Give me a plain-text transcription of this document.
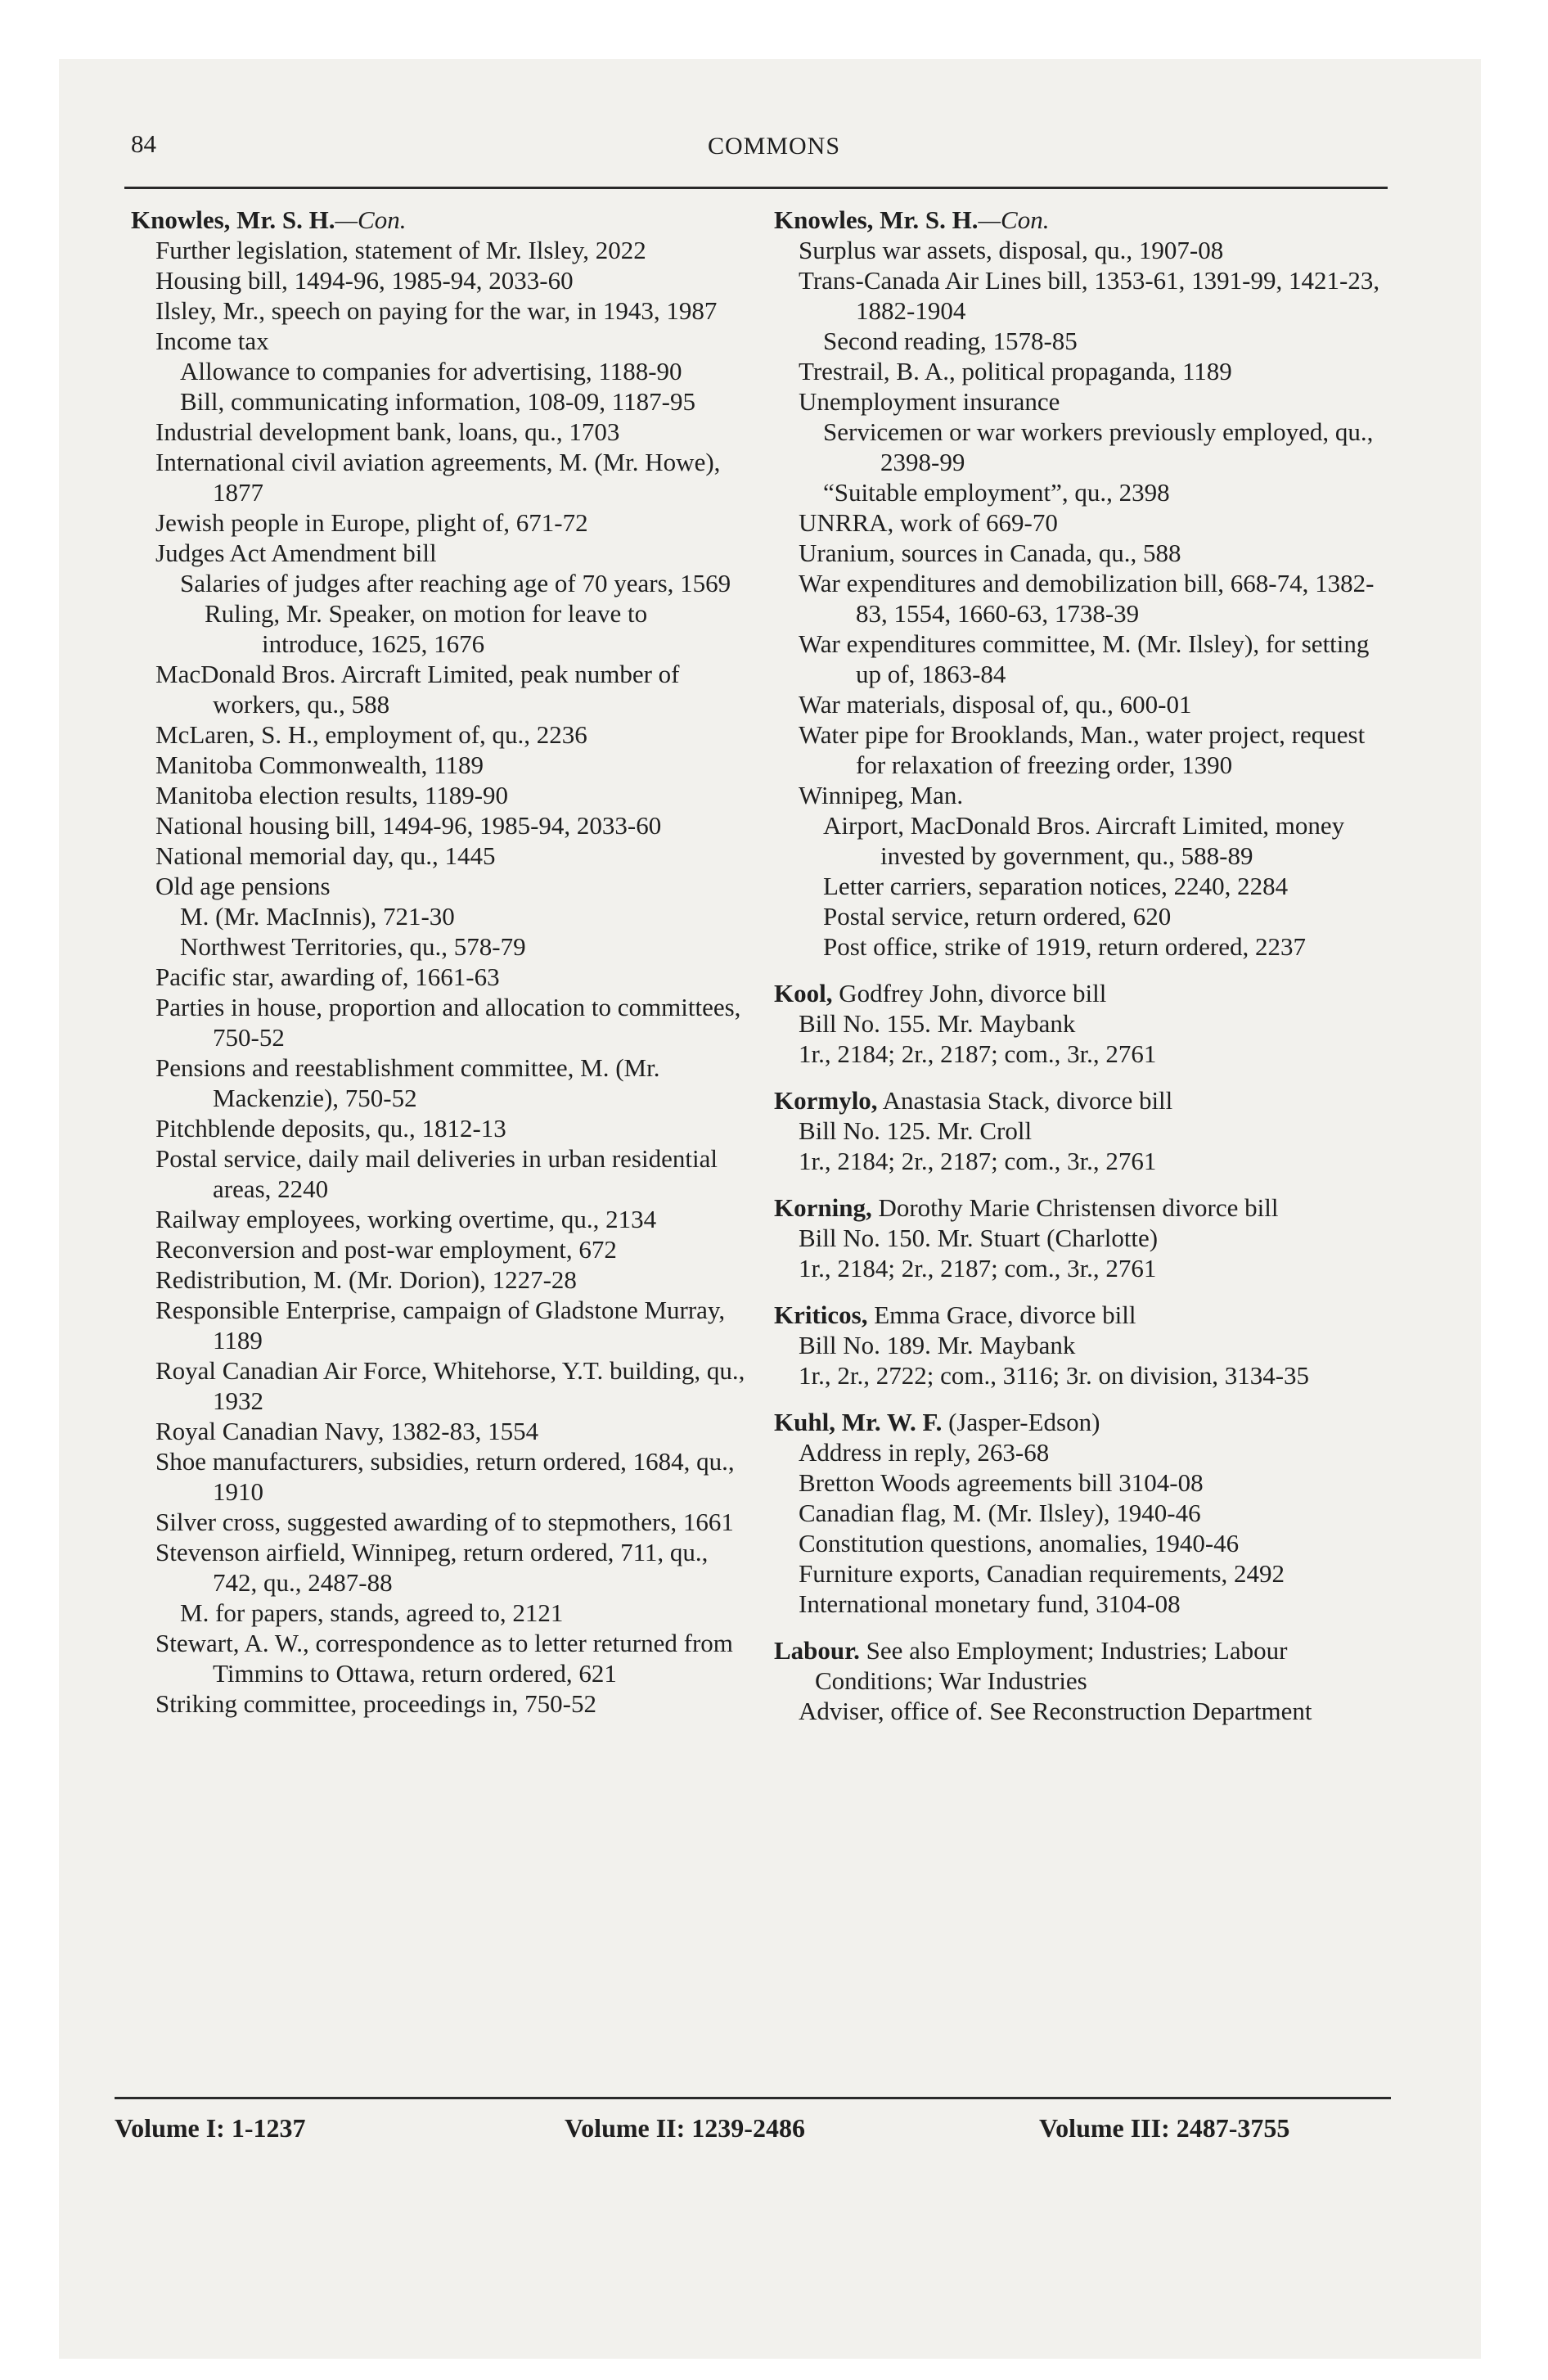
84	COMMONS
Knowles, Mr. S. H.—Con.
Further legislation, statement of Mr. Ilsley, 2022
Housing bill, 1494-96, 1985-94, 2033-60
Ilsley, Mr., speech on paying for the war, in 1943, 1987
Income tax
Allowance to companies for advertising, 1188-90
Bill, communicating information, 108-09, 1187-95
Industrial development bank, loans, qu., 1703
International civil aviation agreements, M. (Mr. Howe), 1877
Jewish people in Europe, plight of, 671-72
Judges Act Amendment bill
Salaries of judges after reaching age of 70 years, 1569
Ruling, Mr. Speaker, on motion for leave to introduce, 1625, 1676
MacDonald Bros. Aircraft Limited, peak number of workers, qu., 588
McLaren, S. H., employment of, qu., 2236
Manitoba Commonwealth, 1189
Manitoba election results, 1189-90
National housing bill, 1494-96, 1985-94, 2033-60
National memorial day, qu., 1445
Old age pensions
M. (Mr. MacInnis), 721-30
Northwest Territories, qu., 578-79
Pacific star, awarding of, 1661-63
Parties in house, proportion and allocation to committees, 750-52
Pensions and reestablishment committee, M. (Mr. Mackenzie), 750-52
Pitchblende deposits, qu., 1812-13
Postal service, daily mail deliveries in urban residential areas, 2240
Railway employees, working overtime, qu., 2134
Reconversion and post-war employment, 672
Redistribution, M. (Mr. Dorion), 1227-28
Responsible Enterprise, campaign of Gladstone Murray, 1189
Royal Canadian Air Force, Whitehorse, Y.T. building, qu., 1932
Royal Canadian Navy, 1382-83, 1554
Shoe manufacturers, subsidies, return ordered, 1684, qu., 1910
Silver cross, suggested awarding of to stepmothers, 1661
Stevenson airfield, Winnipeg, return ordered, 711, qu., 742, qu., 2487-88
M. for papers, stands, agreed to, 2121
Stewart, A. W., correspondence as to letter returned from Timmins to Ottawa, return ordered, 621
Striking committee, proceedings in, 750-52
Knowles, Mr. S. H.—Con.
Surplus war assets, disposal, qu., 1907-08
Trans-Canada Air Lines bill, 1353-61, 1391-99, 1421-23, 1882-1904
Second reading, 1578-85
Trestrail, B. A., political propaganda, 1189
Unemployment insurance
Servicemen or war workers previously employed, qu., 2398-99
“Suitable employment”, qu., 2398
UNRRA, work of 669-70
Uranium, sources in Canada, qu., 588
War expenditures and demobilization bill, 668-74, 1382-83, 1554, 1660-63, 1738-39
War expenditures committee, M. (Mr. Ilsley), for setting up of, 1863-84
War materials, disposal of, qu., 600-01
Water pipe for Brooklands, Man., water project, request for relaxation of freezing order, 1390
Winnipeg, Man.
Airport, MacDonald Bros. Aircraft Limited, money invested by government, qu., 588-89
Letter carriers, separation notices, 2240, 2284
Postal service, return ordered, 620
Post office, strike of 1919, return ordered, 2237
Kool, Godfrey John, divorce bill
Bill No. 155. Mr. Maybank
1r., 2184; 2r., 2187; com., 3r., 2761
Kormylo, Anastasia Stack, divorce bill
Bill No. 125. Mr. Croll
1r., 2184; 2r., 2187; com., 3r., 2761
Korning, Dorothy Marie Christensen divorce bill
Bill No. 150. Mr. Stuart (Charlotte)
1r., 2184; 2r., 2187; com., 3r., 2761
Kriticos, Emma Grace, divorce bill
Bill No. 189. Mr. Maybank
1r., 2r., 2722; com., 3116; 3r. on division, 3134-35
Kuhl, Mr. W. F. (Jasper-Edson)
Address in reply, 263-68
Bretton Woods agreements bill 3104-08
Canadian flag, M. (Mr. Ilsley), 1940-46
Constitution questions, anomalies, 1940-46
Furniture exports, Canadian requirements, 2492
International monetary fund, 3104-08
Labour. See also Employment; Industries; Labour Conditions; War Industries
Adviser, office of. See Reconstruction Department
Volume I: 1-1237	Volume II: 1239-2486	Volume III: 2487-3755
